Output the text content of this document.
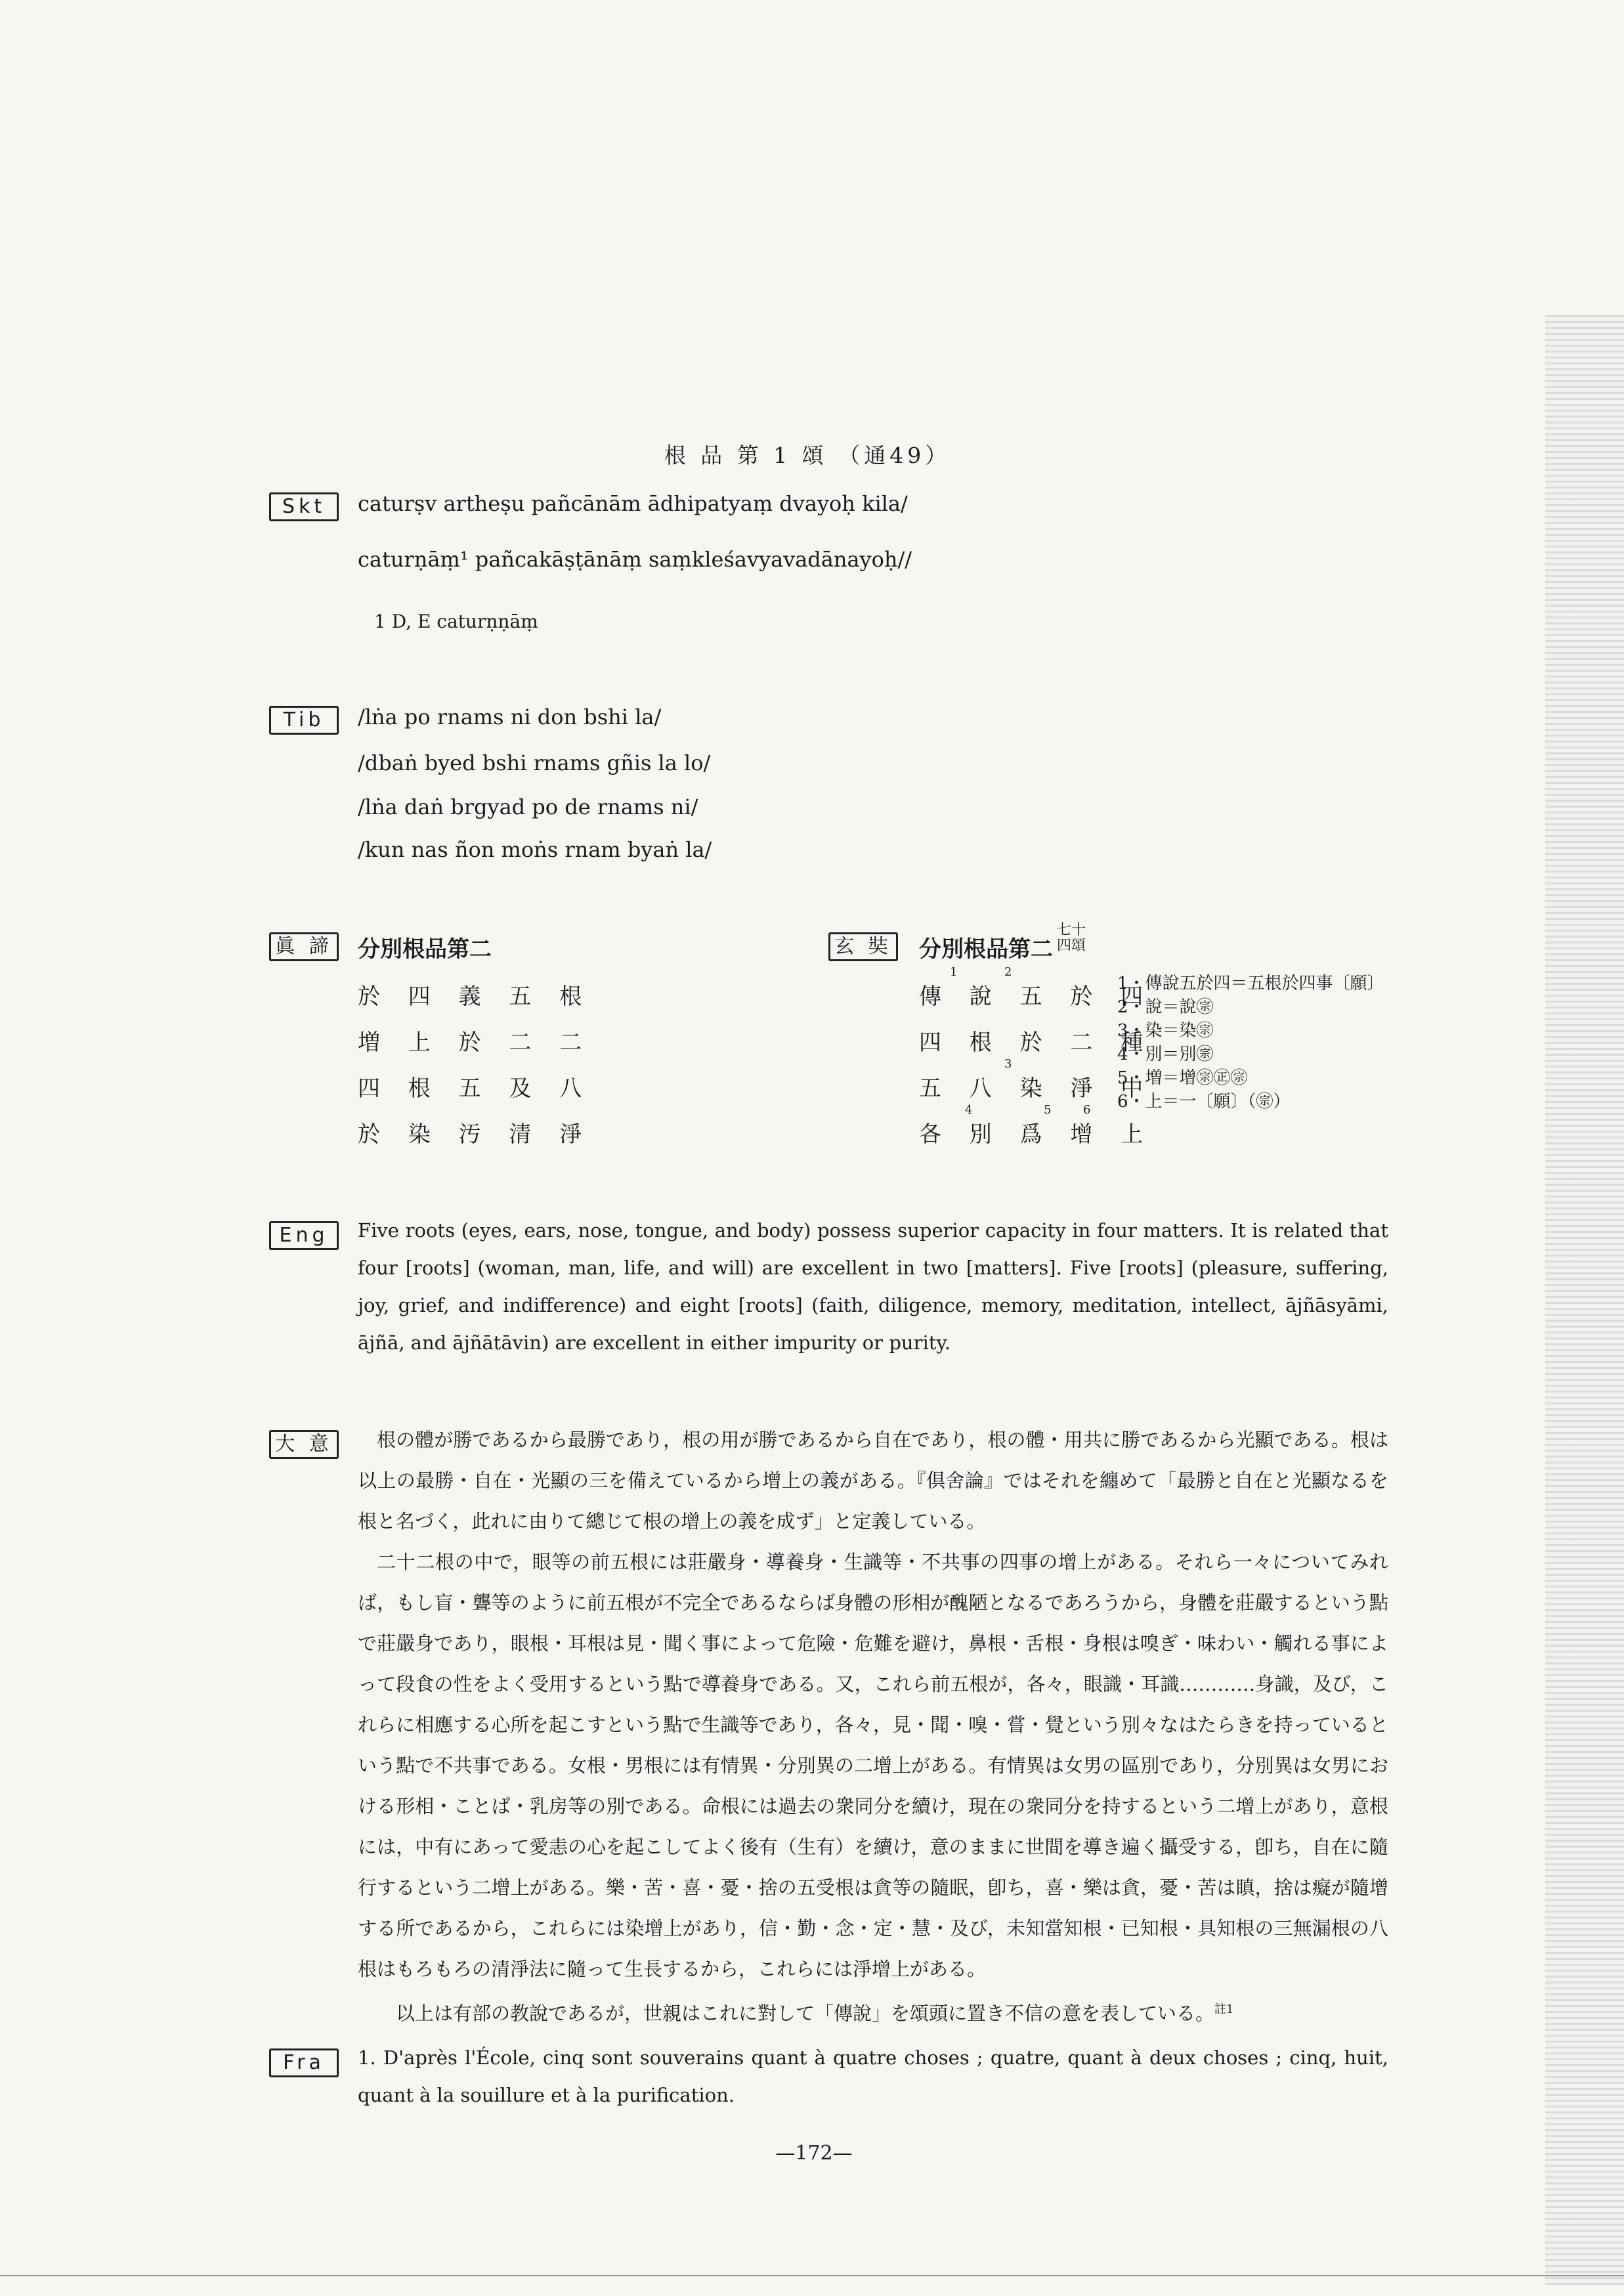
根 品 第 1 頌 （通49）
Skt	caturṣv artheṣu pañcānām ādhipatyaṃ dvayoḥ kila/
caturṇāṃ¹ pañcakāṣṭānāṃ saṃkleśavyavadānayoḥ//
1 D, E caturṇṇāṃ
Tib	/lṅa po rnams ni don bshi la/
/dbaṅ byed bshi rnams gñis la lo/
/lṅa daṅ brgyad po de rnams ni/
/kun nas ñon moṅs rnam byaṅ la/
眞 諦 分別根品第二
於 四 義 五 根
増 上 於 二 二
四 根 五 及 八
於 染 汚 清 淨
玄 奘 分別根品第二
七十
四頌
1	2
傳 說 五 於 四
四 根 於 二 種
3
五 八 染 淨 中
4	5	6
各 別 爲 增 上
1・傳說五於四＝五根於四事〔願〕
2・說＝說㊪
3・染＝染㊪
4・別＝別㊪
5・増＝增㊪㊣㊪
6・上＝一〔願〕（㊪）
Eng	Five roots (eyes, ears, nose, tongue, and body) possess superior capacity in four matters. It is related that four [roots] (woman, man, life, and will) are excellent in two [matters]. Five [roots] (pleasure, suffering, joy, grief, and indifference) and eight [roots] (faith, diligence, memory, meditation, intellect, ājñāsyāmi, ājñā, and ājñātāvin) are excellent in either impurity or purity.
大 意	根の體が勝であるから最勝であり，根の用が勝であるから自在であり，根の體・用共に勝であるから光顯である。根は以上の最勝・自在・光顯の三を備えているから增上の義がある。『倶舍論』ではそれを纏めて「最勝と自在と光顯なるを根と名づく，此れに由りて總じて根の增上の義を成ず」と定義している。

二十二根の中で，眼等の前五根には莊嚴身・導養身・生識等・不共事の四事の增上がある。それら一々についてみれば，もし盲・聾等のように前五根が不完全であるならば身體の形相が醜陋となるであろうから，身體を莊嚴するという點で莊嚴身であり，眼根・耳根は見・聞く事によって危險・危難を避け，鼻根・舌根・身根は嗅ぎ・味わい・觸れる事によって段食の性をよく受用するという點で導養身である。又，これら前五根が，各々，眼識・耳識…………身識，及び，これらに相應する心所を起こすという點で生識等であり，各々，見・聞・嗅・嘗・覺という別々なはたらきを持っているという點で不共事である。女根・男根には有情異・分別異の二增上がある。有情異は女男の區別であり，分別異は女男における形相・ことば・乳房等の別である。命根には過去の衆同分を續け，現在の衆同分を持するという二增上があり，意根には，中有にあって愛恚の心を起こしてよく後有（生有）を續け，意のままに世間を導き遍く攝受する，卽ち，自在に隨行するという二增上がある。樂・苦・喜・憂・捨の五受根は貪等の隨眠，卽ち，喜・樂は貪，憂・苦は瞋，捨は癡が隨增する所であるから，これらには染增上があり，信・勤・念・定・慧・及び，未知當知根・已知根・具知根の三無漏根の八根はもろもろの清淨法に隨って生長するから，これらには淨增上がある。

以上は有部の教說であるが，世親はこれに對して「傳說」を頌頭に置き不信の意を表している。$^{註1}$

Fra	1. D'après l'École, cinq sont souverains quant à quatre choses ; quatre, quant à deux choses ; cinq, huit, quant à la souillure et à la purification.
—172—
